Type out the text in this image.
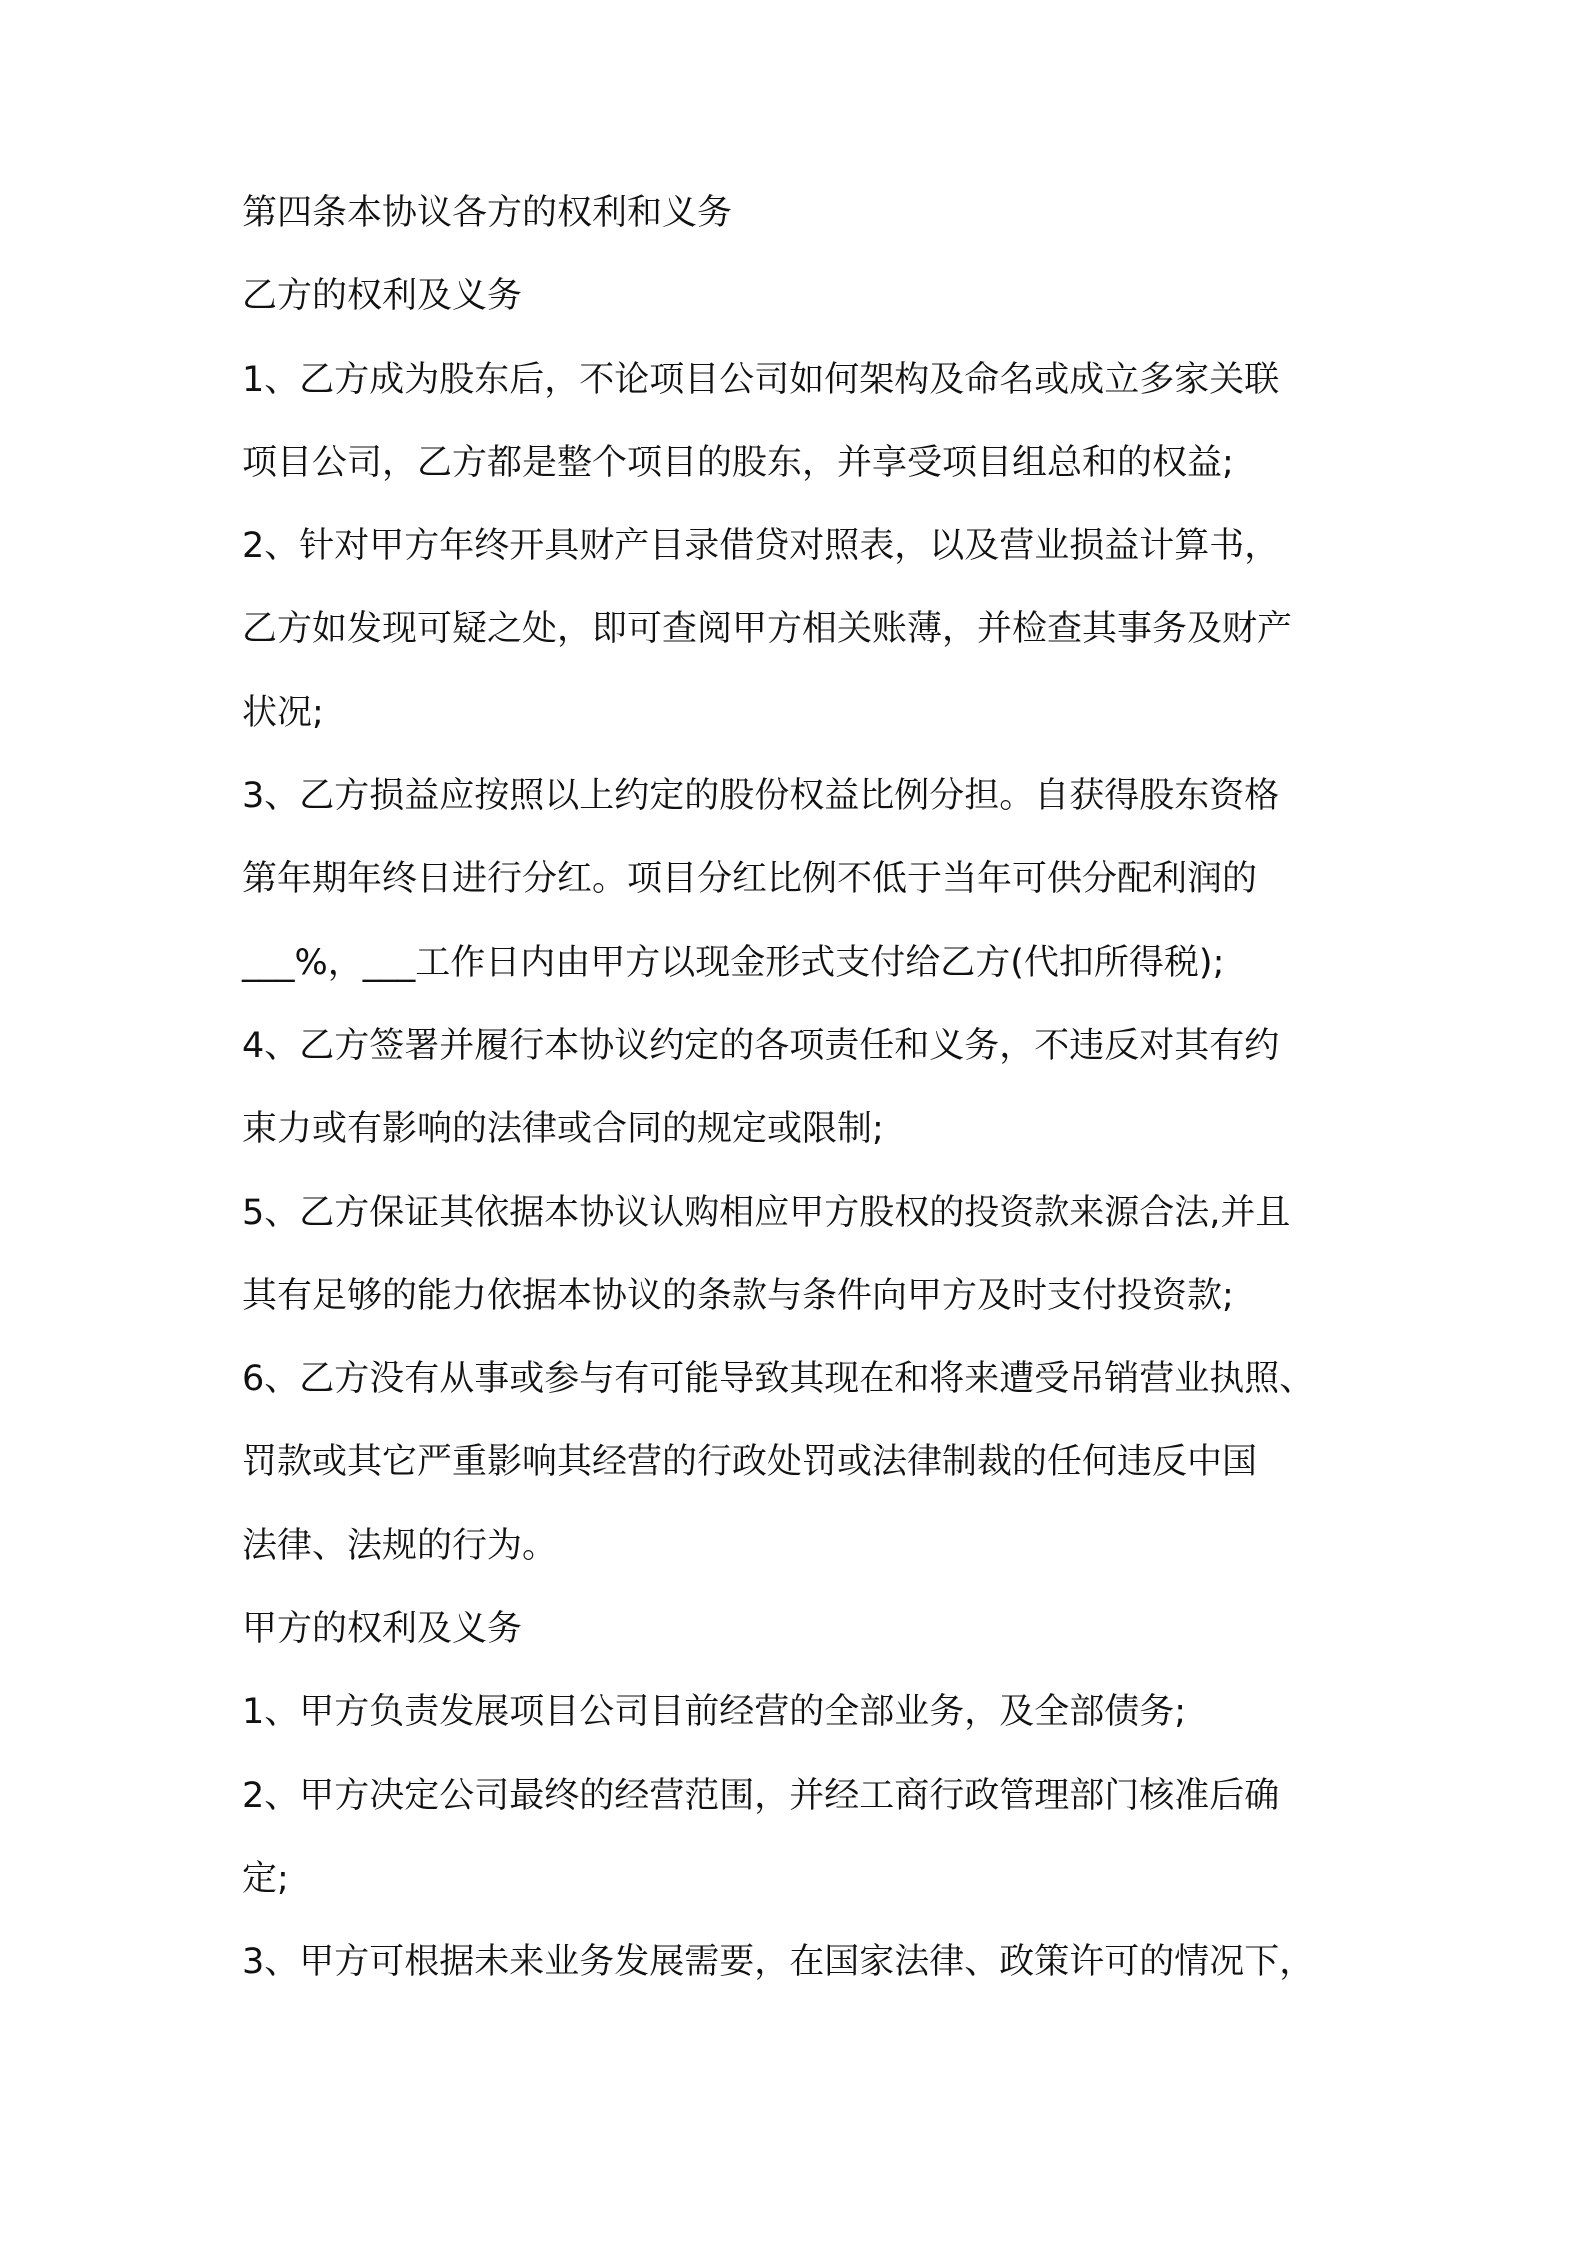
第四条本协议各方的权利和义务
乙方的权利及义务
1、乙方成为股东后，不论项目公司如何架构及命名或成立多家关联
项目公司，乙方都是整个项目的股东，并享受项目组总和的权益;
2、针对甲方年终开具财产目录借贷对照表，以及营业损益计算书，
乙方如发现可疑之处，即可查阅甲方相关账薄，并检查其事务及财产
状况;
3、乙方损益应按照以上约定的股份权益比例分担。自获得股东资格
第年期年终日进行分红。项目分红比例不低于当年可供分配利润的
___%，___工作日内由甲方以现金形式支付给乙方(代扣所得税);
4、乙方签署并履行本协议约定的各项责任和义务，不违反对其有约
束力或有影响的法律或合同的规定或限制;
5、乙方保证其依据本协议认购相应甲方股权的投资款来源合法,并且
其有足够的能力依据本协议的条款与条件向甲方及时支付投资款;
6、乙方没有从事或参与有可能导致其现在和将来遭受吊销营业执照、
罚款或其它严重影响其经营的行政处罚或法律制裁的任何违反中国
法律、法规的行为。
甲方的权利及义务
1、甲方负责发展项目公司目前经营的全部业务，及全部债务;
2、甲方决定公司最终的经营范围，并经工商行政管理部门核准后确
定;
3、甲方可根据未来业务发展需要，在国家法律、政策许可的情况下，
